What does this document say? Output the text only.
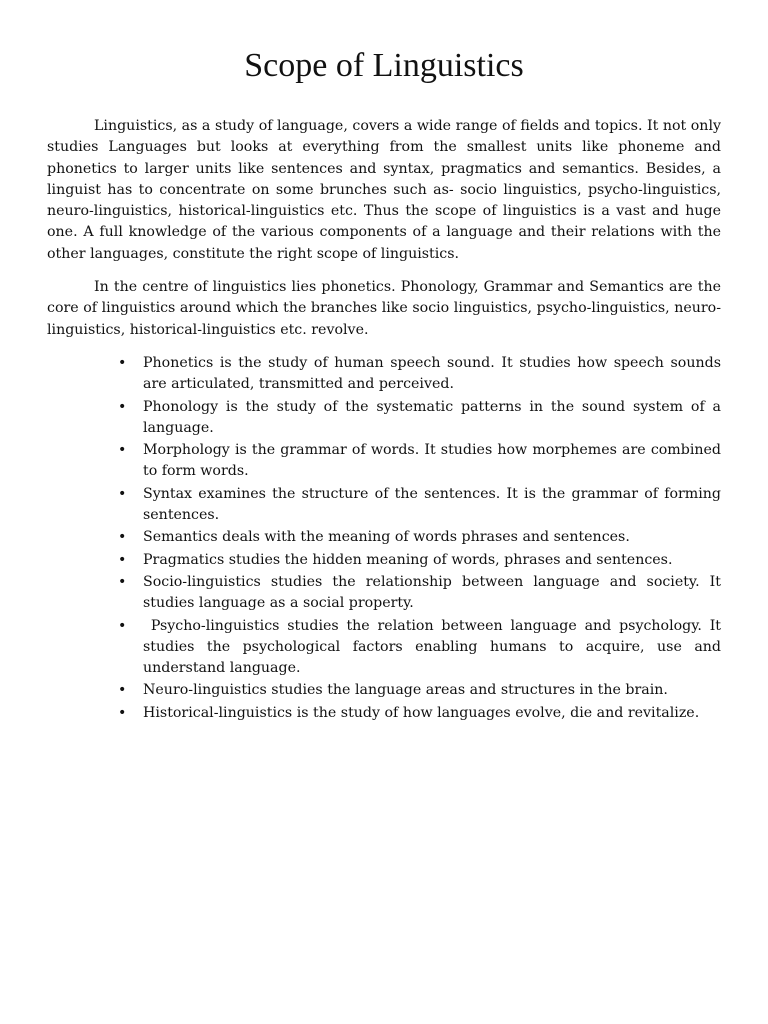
Scope of Linguistics

Linguistics, as a study of language, covers a wide range of fields and topics. It not only studies Languages but looks at everything from the smallest units like phoneme and phonetics to larger units like sentences and syntax, pragmatics and semantics. Besides, a linguist has to concentrate on some brunches such as- socio linguistics, psycho-linguistics, neuro-linguistics, historical-linguistics etc. Thus the scope of linguistics is a vast and huge one. A full knowledge of the various components of a language and their relations with the other languages, constitute the right scope of linguistics.

In the centre of linguistics lies phonetics. Phonology, Grammar and Semantics are the core of linguistics around which the branches like socio linguistics, psycho-linguistics, neuro-linguistics, historical-linguistics etc. revolve.

• Phonetics is the study of human speech sound. It studies how speech sounds are articulated, transmitted and perceived.
• Phonology is the study of the systematic patterns in the sound system of a language.
• Morphology is the grammar of words. It studies how morphemes are combined to form words.
• Syntax examines the structure of the sentences. It is the grammar of forming sentences.
• Semantics deals with the meaning of words phrases and sentences.
• Pragmatics studies the hidden meaning of words, phrases and sentences.
• Socio-linguistics studies the relationship between language and society. It studies language as a social property.
• Psycho-linguistics studies the relation between language and psychology. It studies the psychological factors enabling humans to acquire, use and understand language.
• Neuro-linguistics studies the language areas and structures in the brain.
• Historical-linguistics is the study of how languages evolve, die and revitalize.
